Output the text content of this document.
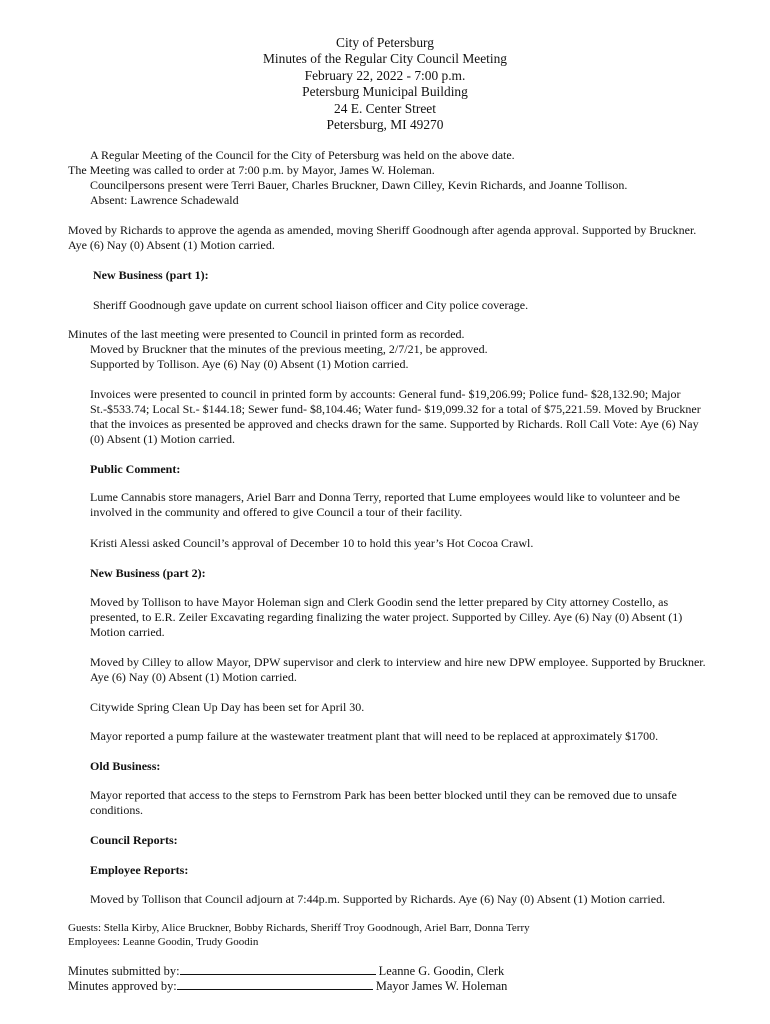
City of Petersburg
Minutes of the Regular City Council Meeting
February 22, 2022 - 7:00 p.m.
Petersburg Municipal Building
24 E. Center Street
Petersburg, MI 49270
A Regular Meeting of the Council for the City of Petersburg was held on the above date.
The Meeting was called to order at 7:00 p.m. by Mayor, James W. Holeman.
Councilpersons present were Terri Bauer, Charles Bruckner, Dawn Cilley, Kevin Richards, and Joanne Tollison.
Absent: Lawrence Schadewald
Moved by Richards to approve the agenda as amended, moving Sheriff Goodnough after agenda approval. Supported by Bruckner. Aye (6) Nay (0) Absent (1) Motion carried.
New Business (part 1):
Sheriff Goodnough gave update on current school liaison officer and City police coverage.
Minutes of the last meeting were presented to Council in printed form as recorded.
Moved by Bruckner that the minutes of the previous meeting, 2/7/21, be approved.
Supported by Tollison. Aye (6) Nay (0) Absent (1) Motion carried.
Invoices were presented to council in printed form by accounts: General fund- $19,206.99; Police fund- $28,132.90; Major St.-$533.74; Local St.- $144.18; Sewer fund- $8,104.46; Water fund- $19,099.32 for a total of $75,221.59. Moved by Bruckner that the invoices as presented be approved and checks drawn for the same. Supported by Richards. Roll Call Vote: Aye (6) Nay (0) Absent (1) Motion carried.
Public Comment:
Lume Cannabis store managers, Ariel Barr and Donna Terry, reported that Lume employees would like to volunteer and be involved in the community and offered to give Council a tour of their facility.
Kristi Alessi asked Council’s approval of December 10 to hold this year’s Hot Cocoa Crawl.
New Business (part 2):
Moved by Tollison to have Mayor Holeman sign and Clerk Goodin send the letter prepared by City attorney Costello, as presented, to E.R. Zeiler Excavating regarding finalizing the water project. Supported by Cilley. Aye (6) Nay (0) Absent (1) Motion carried.
Moved by Cilley to allow Mayor, DPW supervisor and clerk to interview and hire new DPW employee. Supported by Bruckner. Aye (6) Nay (0) Absent (1) Motion carried.
Citywide Spring Clean Up Day has been set for April 30.
Mayor reported a pump failure at the wastewater treatment plant that will need to be replaced at approximately $1700.
Old Business:
Mayor reported that access to the steps to Fernstrom Park has been better blocked until they can be removed due to unsafe conditions.
Council Reports:
Employee Reports:
Moved by Tollison that Council adjourn at 7:44p.m. Supported by Richards. Aye (6) Nay (0) Absent (1) Motion carried.
Guests: Stella Kirby, Alice Bruckner, Bobby Richards, Sheriff Troy Goodnough, Ariel Barr, Donna Terry
Employees: Leanne Goodin, Trudy Goodin
Minutes submitted by:	Leanne G. Goodin, Clerk
Minutes approved by:	Mayor James W. Holeman
